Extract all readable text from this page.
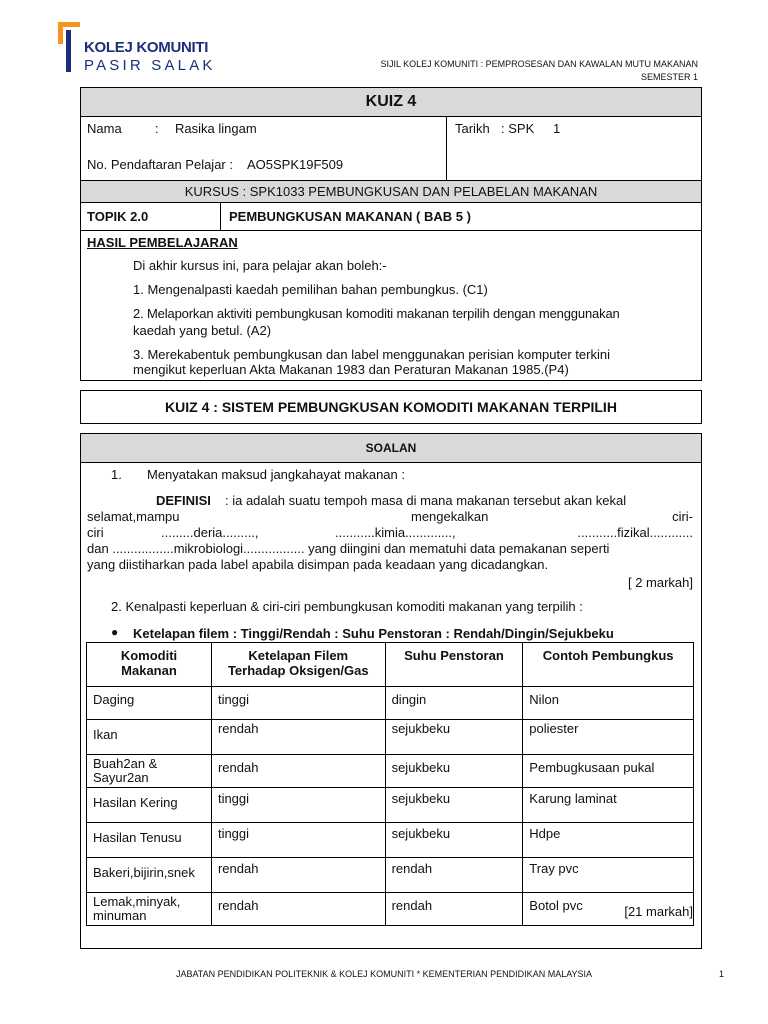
KOLEJ KOMUNITI
PASIR SALAK	SIJIL KOLEJ KOMUNITI : PEMPROSESAN DAN KAWALAN MUTU MAKANAN
SEMESTER 1
KUIZ 4
Nama	: Rasika lingam
No. Pendaftaran Pelajar : AO5SPK19F509
Tarikh : SPK 1
KURSUS : SPK1033 PEMBUNGKUSAN DAN PELABELAN MAKANAN
TOPIK 2.0	PEMBUNGKUSAN MAKANAN ( BAB 5 )
HASIL PEMBELAJARAN
Di akhir kursus ini, para pelajar akan boleh:-
1. Mengenalpasti kaedah pemilihan bahan pembungkus. (C1)
2. Melaporkan aktiviti pembungkusan komoditi makanan terpilih dengan menggunakan
kaedah yang betul. (A2)
3. Merekabentuk pembungkusan dan label menggunakan perisian komputer terkini
mengikut keperluan Akta Makanan 1983 dan Peraturan Makanan 1985.(P4)
KUIZ 4 : SISTEM PEMBUNGKUSAN KOMODITI MAKANAN TERPILIH
SOALAN
1. Menyatakan maksud jangkahayat makanan :
DEFINISI : ia adalah suatu tempoh masa di mana makanan tersebut akan kekal
selamat,mampu	mengekalkan	ciri-
ciri	.........deria.........,	...........kimia.............,	...........fizikal............
dan .................mikrobiologi................. yang diingini dan mematuhi data pemakanan seperti
yang diistiharkan pada label apabila disimpan pada keadaan yang dicadangkan.
[ 2 markah]
2. Kenalpasti keperluan & ciri-ciri pembungkusan komoditi makanan yang terpilih :
● Ketelapan filem : Tinggi/Rendah : Suhu Penstoran : Rendah/Dingin/Sejukbeku
[21 markah]
Komoditi Makanan	Ketelapan Filem Terhadap Oksigen/Gas	Suhu Penstoran	Contoh Pembungkus
Daging	tinggi	dingin	Nilon
Ikan	rendah	sejukbeku	poliester
Buah2an & Sayur2an	rendah	sejukbeku	Pembugkusaan pukal
Hasilan Kering	tinggi	sejukbeku	Karung laminat
Hasilan Tenusu	tinggi	sejukbeku	Hdpe
Bakeri,bijirin,snek	rendah	rendah	Tray pvc
Lemak,minyak, minuman	rendah	rendah	Botol pvc
JABATAN PENDIDIKAN POLITEKNIK & KOLEJ KOMUNITI * KEMENTERIAN PENDIDIKAN MALAYSIA	1
